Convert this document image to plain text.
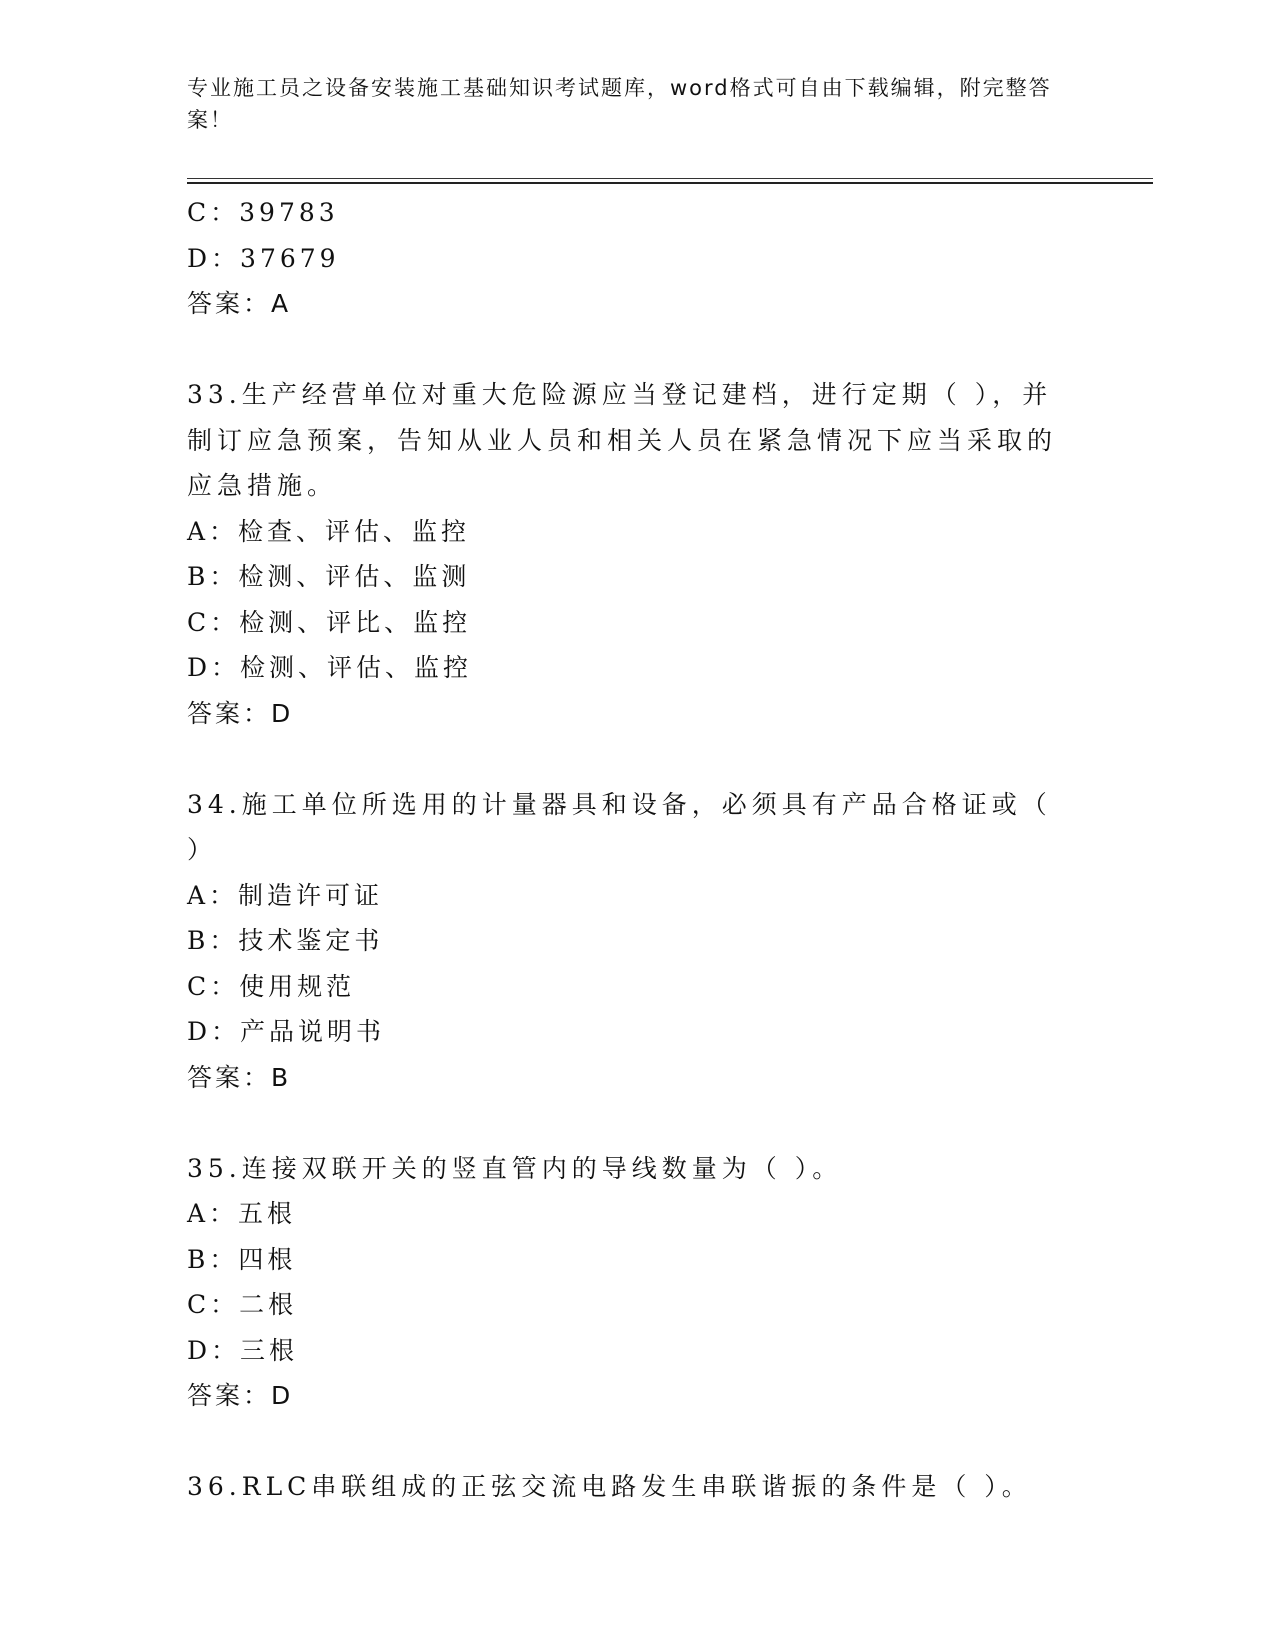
专业施工员之设备安装施工基础知识考试题库，word格式可自由下载编辑，附完整答案！
C：39783
D：37679
答案：A
33.生产经营单位对重大危险源应当登记建档，进行定期（ ），并制订应急预案，告知从业人员和相关人员在紧急情况下应当采取的应急措施。
A：检查、评估、监控
B：检测、评估、监测
C：检测、评比、监控
D：检测、评估、监控
答案：D
34.施工单位所选用的计量器具和设备，必须具有产品合格证或（ ）
A：制造许可证
B：技术鉴定书
C：使用规范
D：产品说明书
答案：B
35.连接双联开关的竖直管内的导线数量为（ ）。
A：五根
B：四根
C：二根
D：三根
答案：D
36.RLC串联组成的正弦交流电路发生串联谐振的条件是（ ）。
